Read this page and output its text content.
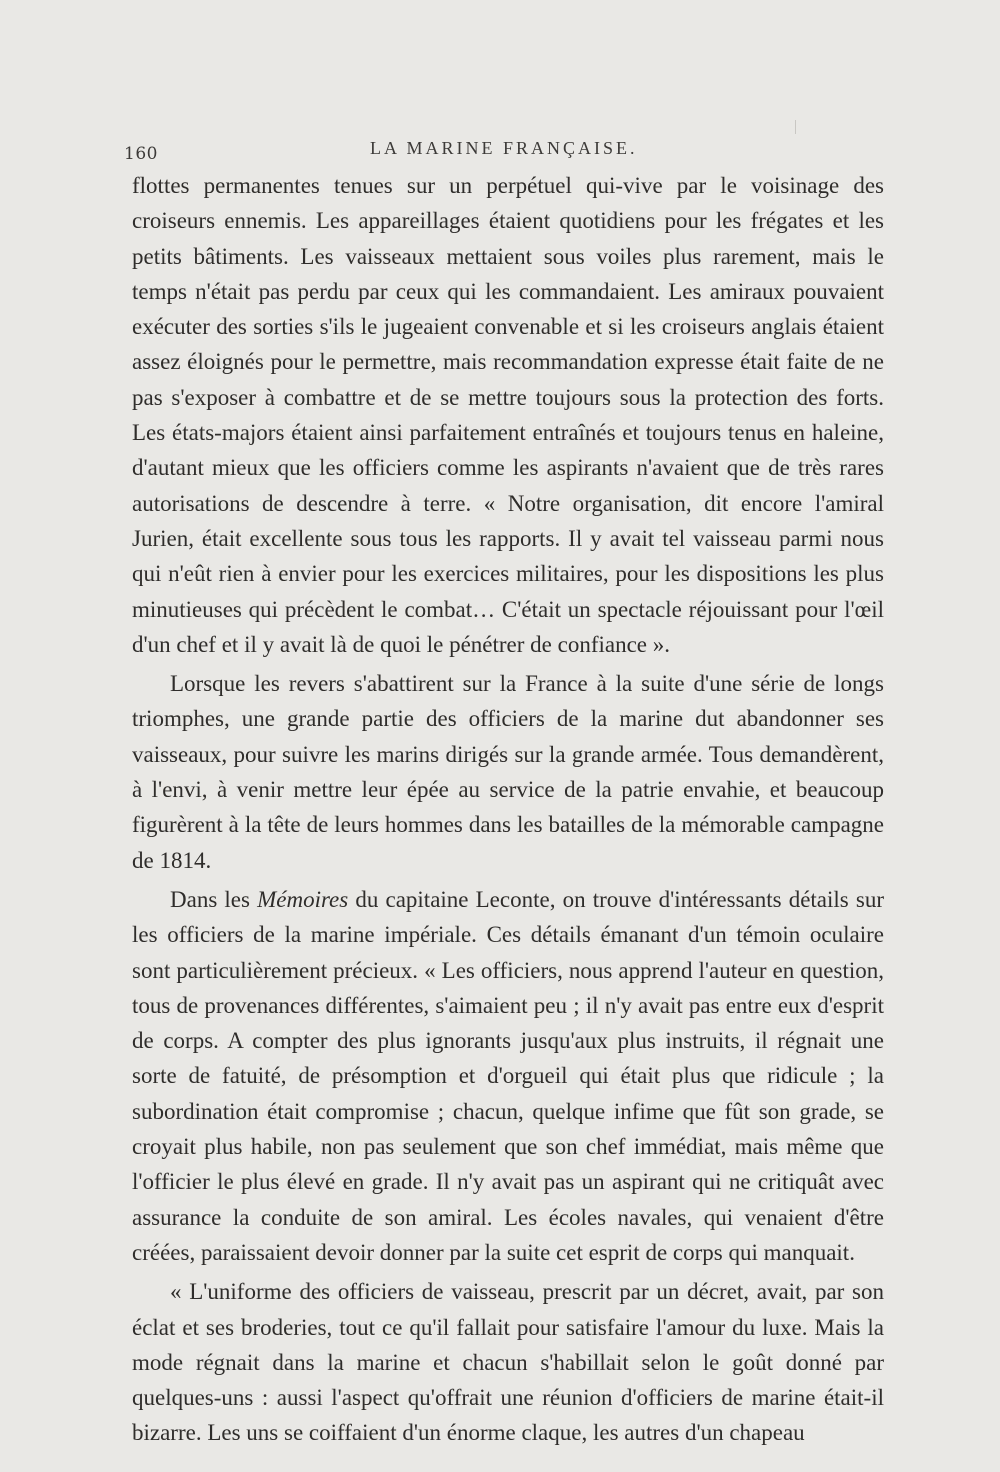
160	LA MARINE FRANÇAISE.

flottes permanentes tenues sur un perpétuel qui-vive par le voisinage des croiseurs ennemis. Les appareillages étaient quotidiens pour les frégates et les petits bâtiments. Les vaisseaux mettaient sous voiles plus rarement, mais le temps n'était pas perdu par ceux qui les commandaient. Les amiraux pouvaient exécuter des sorties s'ils le jugeaient convenable et si les croiseurs anglais étaient assez éloignés pour le permettre, mais recommandation expresse était faite de ne pas s'exposer à combattre et de se mettre toujours sous la protection des forts. Les états-majors étaient ainsi parfaitement entraînés et toujours tenus en haleine, d'autant mieux que les officiers comme les aspirants n'avaient que de très rares autorisations de descendre à terre. « Notre organisation, dit encore l'amiral Jurien, était excellente sous tous les rapports. Il y avait tel vaisseau parmi nous qui n'eût rien à envier pour les exercices militaires, pour les dispositions les plus minutieuses qui précèdent le combat… C'était un spectacle réjouissant pour l'œil d'un chef et il y avait là de quoi le pénétrer de confiance ».

Lorsque les revers s'abattirent sur la France à la suite d'une série de longs triomphes, une grande partie des officiers de la marine dut abandonner ses vaisseaux, pour suivre les marins dirigés sur la grande armée. Tous demandèrent, à l'envi, à venir mettre leur épée au service de la patrie envahie, et beaucoup figurèrent à la tête de leurs hommes dans les batailles de la mémorable campagne de 1814.

Dans les Mémoires du capitaine Leconte, on trouve d'intéressants détails sur les officiers de la marine impériale. Ces détails émanant d'un témoin oculaire sont particulièrement précieux. « Les officiers, nous apprend l'auteur en question, tous de provenances différentes, s'aimaient peu ; il n'y avait pas entre eux d'esprit de corps. A compter des plus ignorants jusqu'aux plus instruits, il régnait une sorte de fatuité, de présomption et d'orgueil qui était plus que ridicule ; la subordination était compromise ; chacun, quelque infime que fût son grade, se croyait plus habile, non pas seulement que son chef immédiat, mais même que l'officier le plus élevé en grade. Il n'y avait pas un aspirant qui ne critiquât avec assurance la conduite de son amiral. Les écoles navales, qui venaient d'être créées, paraissaient devoir donner par la suite cet esprit de corps qui manquait.

« L'uniforme des officiers de vaisseau, prescrit par un décret, avait, par son éclat et ses broderies, tout ce qu'il fallait pour satisfaire l'amour du luxe. Mais la mode régnait dans la marine et chacun s'habillait selon le goût donné par quelques-uns : aussi l'aspect qu'offrait une réunion d'officiers de marine était-il bizarre. Les uns se coiffaient d'un énorme claque, les autres d'un chapeau
